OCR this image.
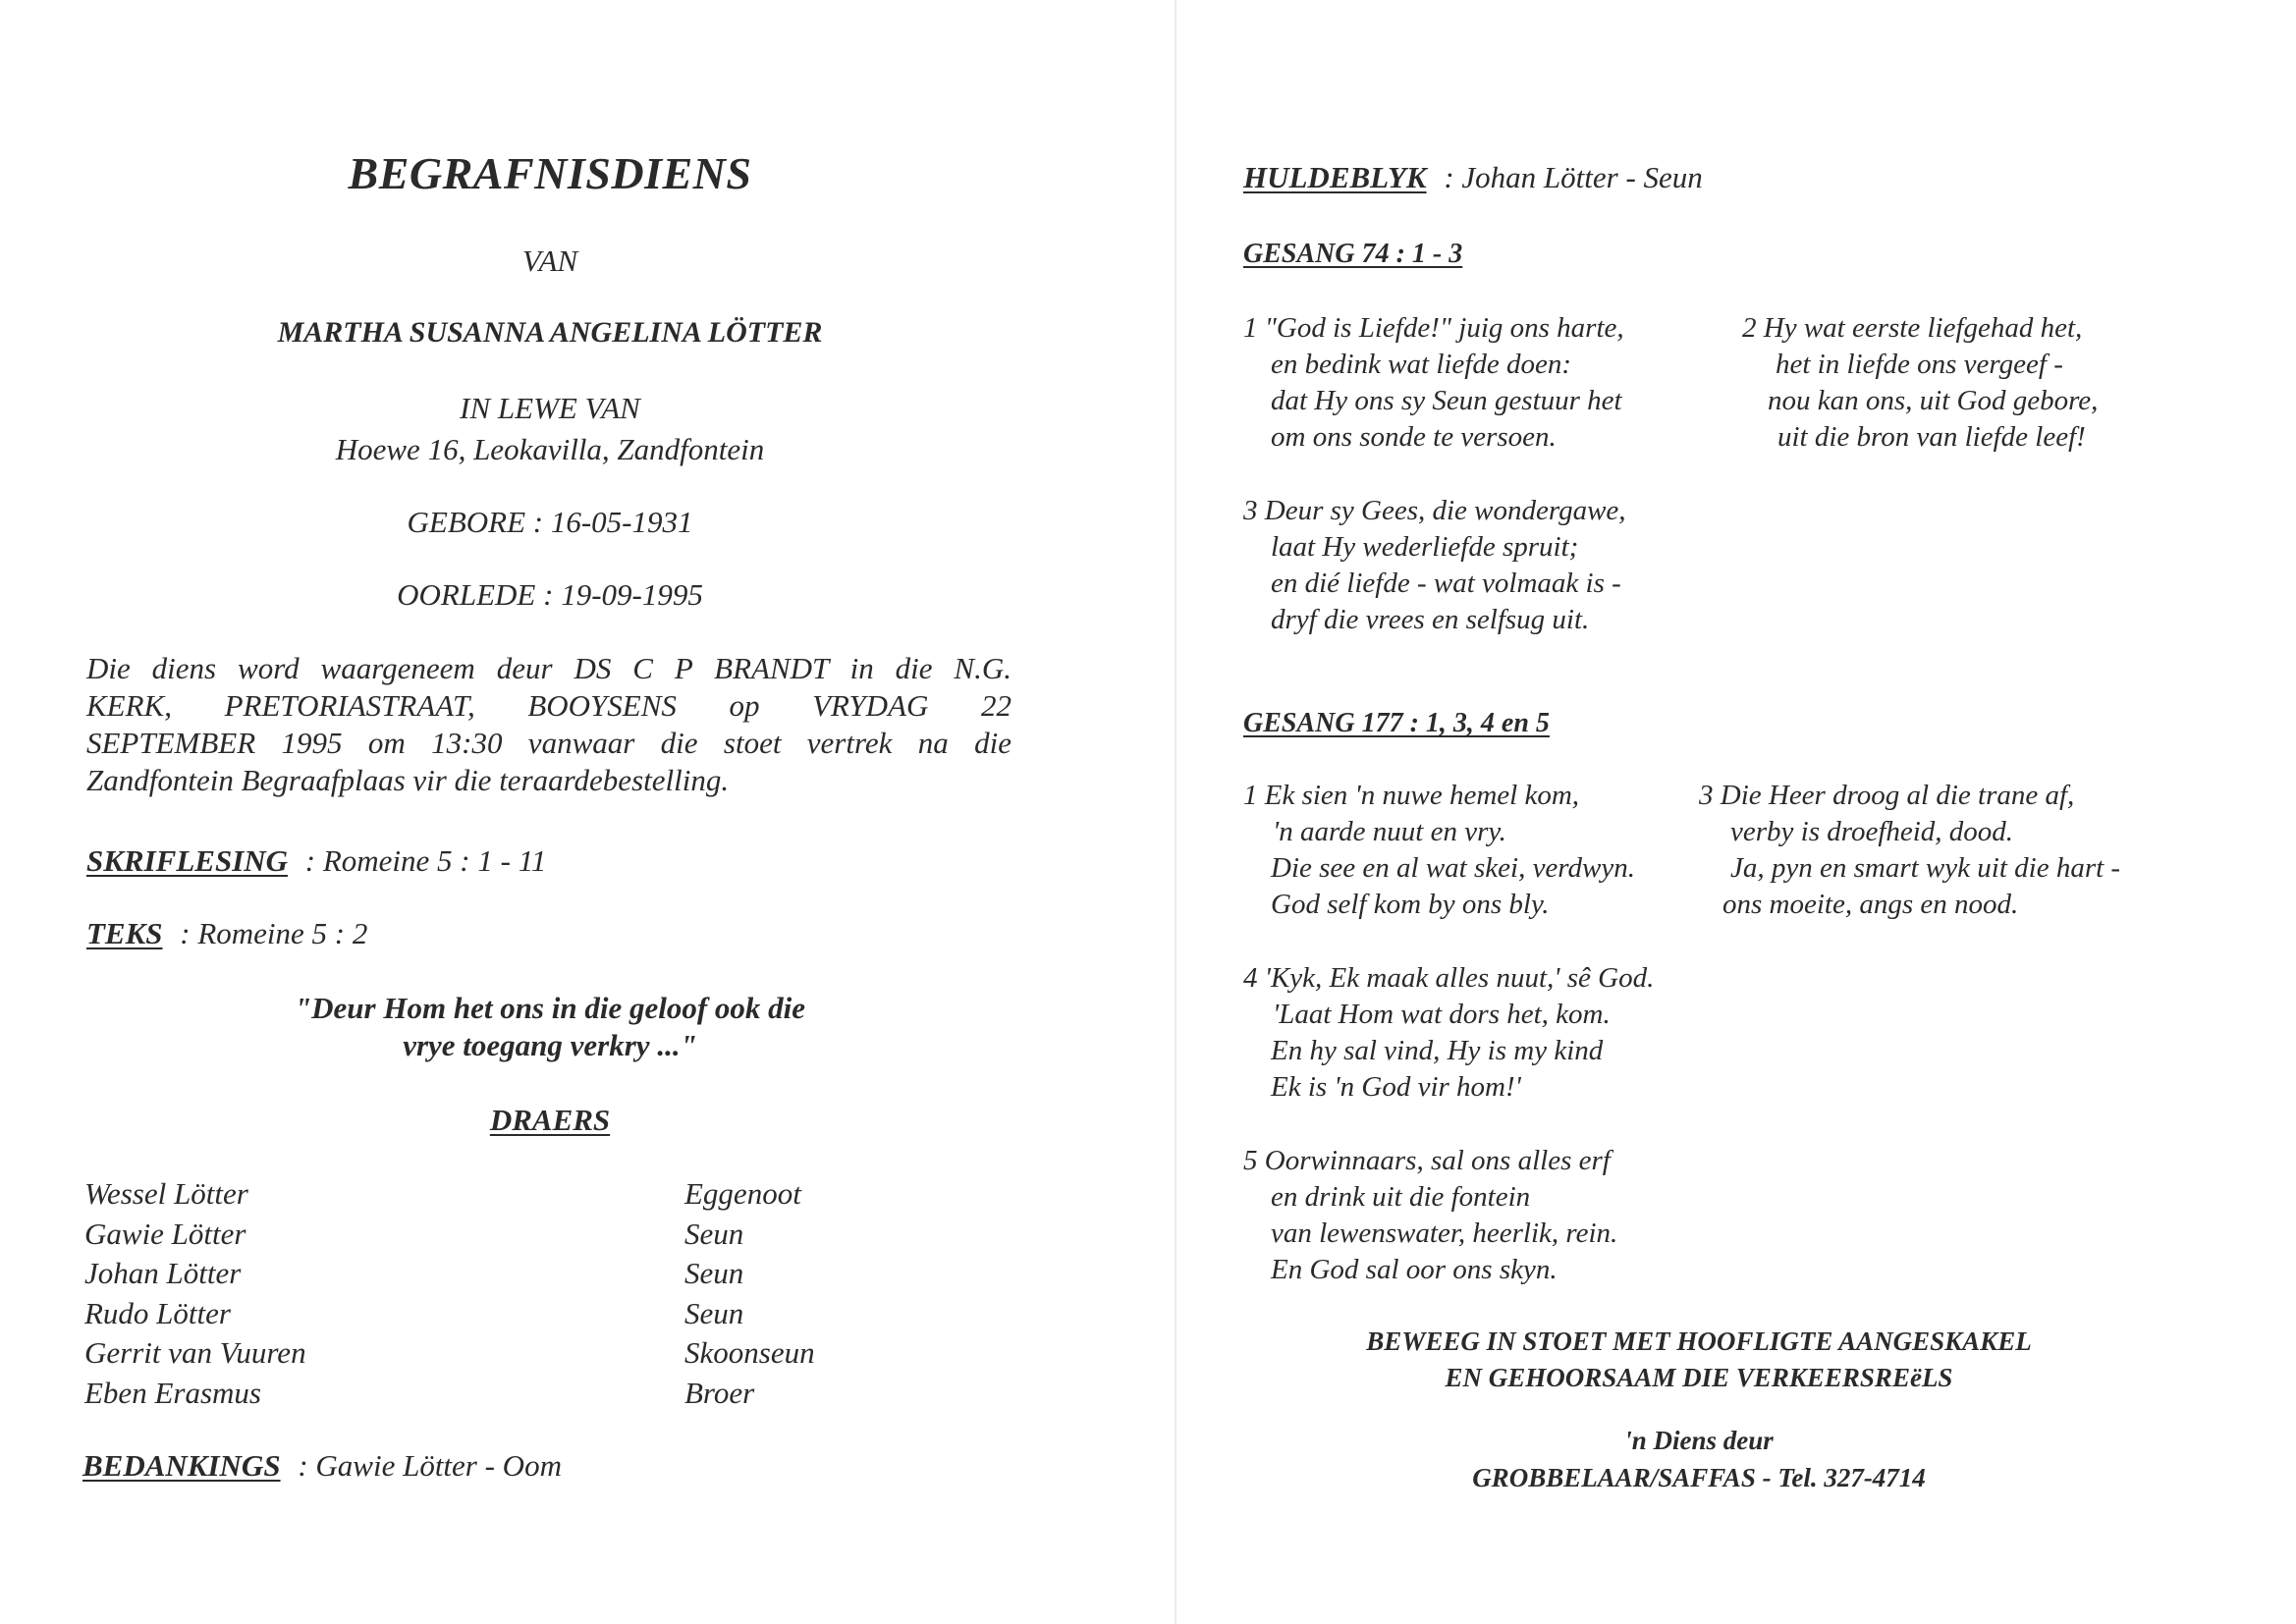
BEGRAFNISDIENS
VAN
MARTHA SUSANNA ANGELINA LÖTTER
IN LEWE VAN
Hoewe 16, Leokavilla, Zandfontein
GEBORE : 16-05-1931
OORLEDE : 19-09-1995
Die diens word waargeneem deur DS C P BRANDT in die N.G.
KERK, PRETORIASTRAAT, BOOYSENS op VRYDAG 22
SEPTEMBER 1995 om 13:30 vanwaar die stoet vertrek na die
Zandfontein Begraafplaas vir die teraardebestelling.
SKRIFLESING : Romeine 5 : 1 - 11
TEKS : Romeine 5 : 2
"Deur Hom het ons in die geloof ook die
vrye toegang verkry ..."
DRAERS
Wessel Lötter
Gawie Lötter
Johan Lötter
Rudo Lötter
Gerrit van Vuuren
Eben Erasmus
Eggenoot
Seun
Seun
Seun
Skoonseun
Broer
BEDANKINGS : Gawie Lötter - Oom
HULDEBLYK : Johan Lötter - Seun
GESANG 74 : 1 - 3
1 "God is Liefde!" juig ons harte,
en bedink wat liefde doen:
dat Hy ons sy Seun gestuur het
om ons sonde te versoen.
2 Hy wat eerste liefgehad het,
het in liefde ons vergeef -
nou kan ons, uit God gebore,
uit die bron van liefde leef!
3 Deur sy Gees, die wondergawe,
laat Hy wederliefde spruit;
en dié liefde - wat volmaak is -
dryf die vrees en selfsug uit.
GESANG 177 : 1, 3, 4 en 5
1 Ek sien 'n nuwe hemel kom,
'n aarde nuut en vry.
Die see en al wat skei, verdwyn.
God self kom by ons bly.
3 Die Heer droog al die trane af,
verby is droefheid, dood.
Ja, pyn en smart wyk uit die hart -
ons moeite, angs en nood.
4 'Kyk, Ek maak alles nuut,' sê God.
'Laat Hom wat dors het, kom.
En hy sal vind, Hy is my kind
Ek is 'n God vir hom!'
5 Oorwinnaars, sal ons alles erf
en drink uit die fontein
van lewenswater, heerlik, rein.
En God sal oor ons skyn.
BEWEEG IN STOET MET HOOFLIGTE AANGESKAKEL
EN GEHOORSAAM DIE VERKEERSREëLS
'n Diens deur
GROBBELAAR/SAFFAS - Tel. 327-4714
